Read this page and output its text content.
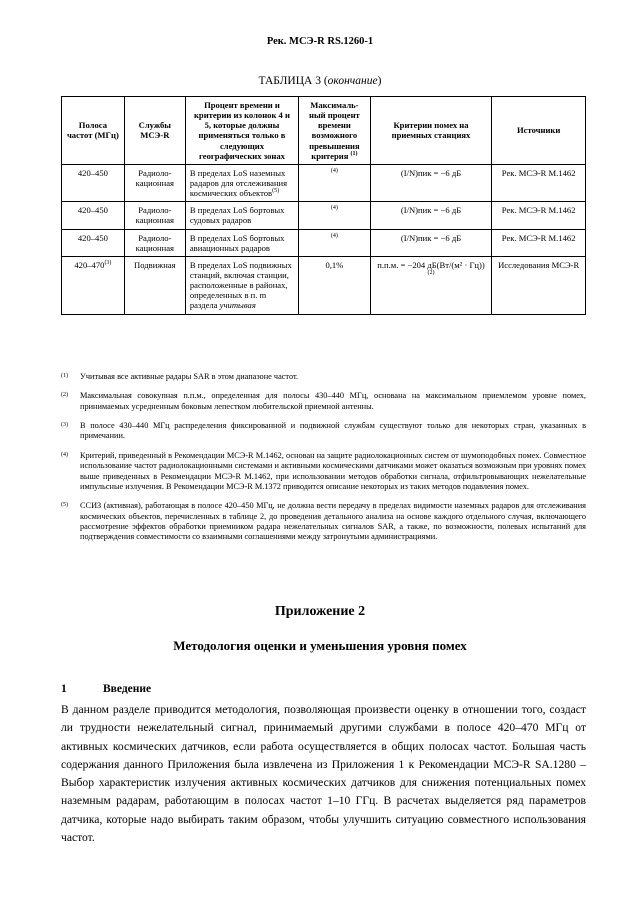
Рек. МСЭ-R RS.1260-1
ТАБЛИЦА 3 (окончание)
Полоса частот (МГц)	Службы МСЭ-R	Процент времени и критерии из колонок 4 и 5, которые должны применяться только в следующих географических зонах	Максималь-ный процент времени возможного превышения критерия $^{(1)}$	Критерии помех на приемных станциях	Источники
420–450	Радиоло-кационная	В пределах LoS наземных радаров для отслеживания космических объектов$^{(5)}$	$^{(4)}$	(I/N)пик = −6 дБ	Рек. МСЭ-R M.1462
420–450	Радиоло-кационная	В пределах LoS бортовых судовых радаров	$^{(4)}$	(I/N)пик = −6 дБ	Рек. МСЭ-R M.1462
420–450	Радиоло-кационная	В пределах LoS бортовых авиационных радаров	$^{(4)}$	(I/N)пик = −6 дБ	Рек. МСЭ-R M.1462
420–470$^{(3)}$	Подвижная	В пределах LoS подвижных станций, включая станции, расположенные в районах, определенных в п. m раздела учитывая	0,1%	п.п.м. = −204 $дБ(Вт/(м^2 \cdot Гц))^{(2)}$	Исследования МСЭ-R
(1)	Учитывая все активные радары SAR в этом диапазоне частот.
(2)	Максимальная совокупная п.п.м., определенная для полосы 430–440 МГц, основана на максимальном приемлемом уровне помех, принимаемых усредненным боковым лепестком любительской приемной антенны.
(3)	В полосе 430–440 МГц распределения фиксированной и подвижной службам существуют только для некоторых стран, указанных в примечании.
(4)	Критерий, приведенный в Рекомендации МСЭ-R M.1462, основан на защите радиолокационных систем от шумоподобных помех. Совместное использование частот радиолокационными системами и активными космическими датчиками может оказаться возможным при уровнях помех выше приведенных в Рекомендации МСЭ-R M.1462, при использовании методов обработки сигнала, отфильтровывающих нежелательные импульсные излучения. В Рекомендации МСЭ-R M.1372 приводится описание некоторых из таких методов подавления помех.
(5)	ССИЗ (активная), работающая в полосе 420–450 МГц, не должна вести передачу в пределах видимости наземных радаров для отслеживания космических объектов, перечисленных в таблице 2, до проведения детального анализа на основе каждого отдельного случая, включающего рассмотрение эффектов обработки приемником радара нежелательных сигналов SAR, а также, по возможности, полевых испытаний для подтверждения совместимости со взаимными соглашениями между затронутыми администрациями.
Приложение 2
Методология оценки и уменьшения уровня помех
1	Введение
В данном разделе приводится методология, позволяющая произвести оценку в отношении того, создаст ли трудности нежелательный сигнал, принимаемый другими службами в полосе 420–470 МГц от активных космических датчиков, если работа осуществляется в общих полосах частот. Большая часть содержания данного Приложения была извлечена из Приложения 1 к Рекомендации МСЭ-R SA.1280 – Выбор характеристик излучения активных космических датчиков для снижения потенциальных помех наземным радарам, работающим в полосах частот 1–10 ГГц. В расчетах выделяется ряд параметров датчика, которые надо выбирать таким образом, чтобы улучшить ситуацию совместного использования частот.
